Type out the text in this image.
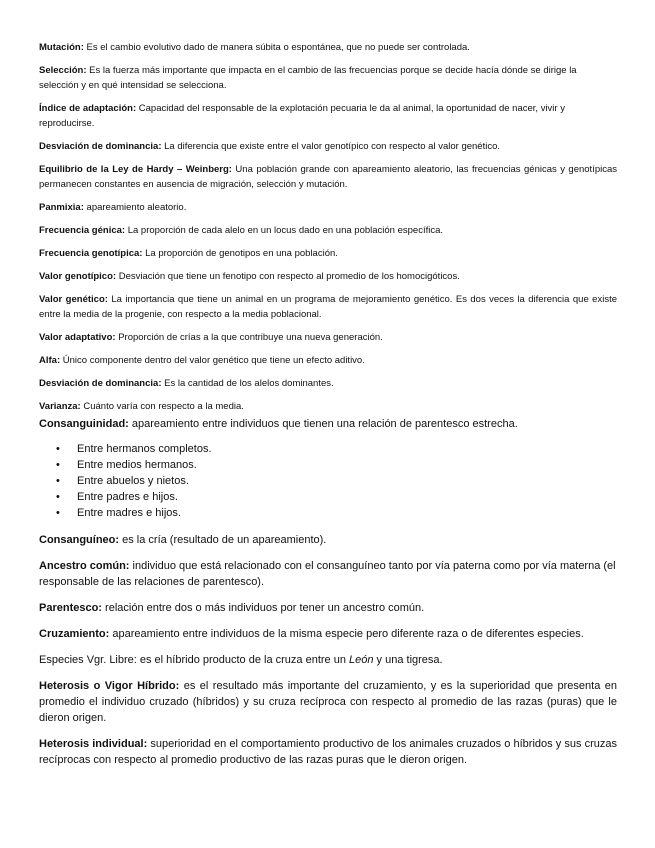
Mutación: Es el cambio evolutivo dado de manera súbita o espontánea, que no puede ser controlada.

Selección: Es la fuerza más importante que impacta en el cambio de las frecuencias porque se decide hacía dónde se dirige la selección y en qué intensidad se selecciona.

Índice de adaptación: Capacidad del responsable de la explotación pecuaria le da al animal, la oportunidad de nacer, vivir y reproducirse.

Desviación de dominancia: La diferencia que existe entre el valor genotípico con respecto al valor genético.

Equilibrio de la Ley de Hardy – Weinberg: Una población grande con apareamiento aleatorio, las frecuencias génicas y genotípicas permanecen constantes en ausencia de migración, selección y mutación.

Panmixia: apareamiento aleatorio.

Frecuencia génica: La proporción de cada alelo en un locus dado en una población específica.

Frecuencia genotípica: La proporción de genotipos en una población.

Valor genotípico: Desviación que tiene un fenotipo con respecto al promedio de los homocigóticos.

Valor genético: La importancia que tiene un animal en un programa de mejoramiento genético. Es dos veces la diferencia que existe entre la media de la progenie, con respecto a la media poblacional.

Valor adaptativo: Proporción de crías a la que contribuye una nueva generación.

Alfa: Único componente dentro del valor genético que tiene un efecto aditivo.

Desviación de dominancia: Es la cantidad de los alelos dominantes.

Varianza: Cuánto varía con respecto a la media.

Consanguinidad: apareamiento entre individuos que tienen una relación de parentesco estrecha.

• Entre hermanos completos.
• Entre medios hermanos.
• Entre abuelos y nietos.
• Entre padres e hijos.
• Entre madres e hijos.

Consanguíneo: es la cría (resultado de un apareamiento).

Ancestro común: individuo que está relacionado con el consanguíneo tanto por vía paterna como por vía materna (el responsable de las relaciones de parentesco).

Parentesco: relación entre dos o más individuos por tener un ancestro común.

Cruzamiento: apareamiento entre individuos de la misma especie pero diferente raza o de diferentes especies.

Especies Vgr. Libre: es el híbrido producto de la cruza entre un León y una tigresa.

Heterosis o Vigor Híbrido: es el resultado más importante del cruzamiento, y es la superioridad que presenta en promedio el individuo cruzado (híbridos) y su cruza recíproca con respecto al promedio de las razas (puras) que le dieron origen.

Heterosis individual: superioridad en el comportamiento productivo de los animales cruzados o híbridos y sus cruzas recíprocas con respecto al promedio productivo de las razas puras que le dieron origen.
